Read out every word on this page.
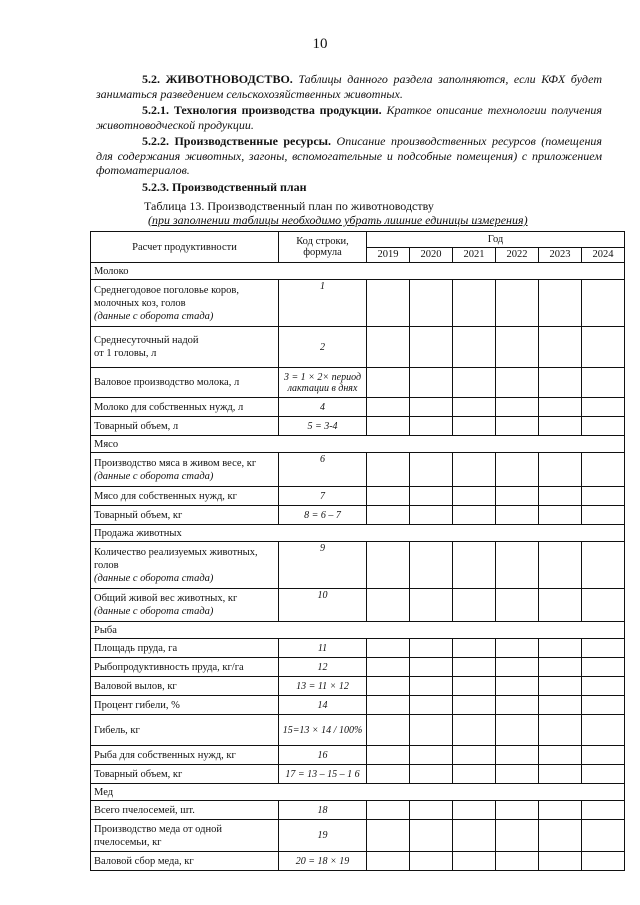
10

5.2. ЖИВОТНОВОДСТВО. Таблицы данного раздела заполняются, если КФХ будет заниматься разведением сельскохозяйственных животных.

5.2.1. Технология производства продукции. Краткое описание технологии получения животноводческой продукции.

5.2.2. Производственные ресурсы. Описание производственных ресурсов (помещения для содержания животных, загоны, вспомогательные и подсобные помещения) с приложением фотоматериалов.

5.2.3. Производственный план

Таблица 13. Производственный план по животноводству

(при заполнении таблицы необходимо убрать лишние единицы измерения)

Расчет продуктивности	Код строки, формула	Год					
		2019	2020	2021	2022	2023	2024
Молоко							
Среднегодовое поголовье коров, молочных коз, голов
(данные с оборота стада)	1						
Среднесуточный надой
от 1 головы, л	2						
Валовое производство молока, л	3 = 1 × 2× период лактации в днях						
Молоко для собственных нужд, л	4						
Товарный объем, л	5 = 3-4						
Мясо							
Производство мяса в живом весе, кг
(данные с оборота стада)	6						
Мясо для собственных нужд, кг	7						
Товарный объем, кг	8 = 6 – 7						
Продажа животных							
Количество реализуемых животных, голов
(данные с оборота стада)	9						
Общий живой вес животных, кг
(данные с оборота стада)	10						
Рыба							
Площадь пруда, га	11						
Рыбопродуктивность пруда, кг/га	12						
Валовой вылов, кг	13 = 11 × 12						
Процент гибели, %	14						
Гибель, кг	15=13 × 14 / 100%						
Рыба для собственных нужд, кг	16						
Товарный объем, кг	17 = 13 – 15 – 1 6						
Мед							
Всего пчелосемей, шт.	18						
Производство меда от одной пчелосемьи, кг	19						
Валовой сбор меда, кг	20 = 18 × 19						
